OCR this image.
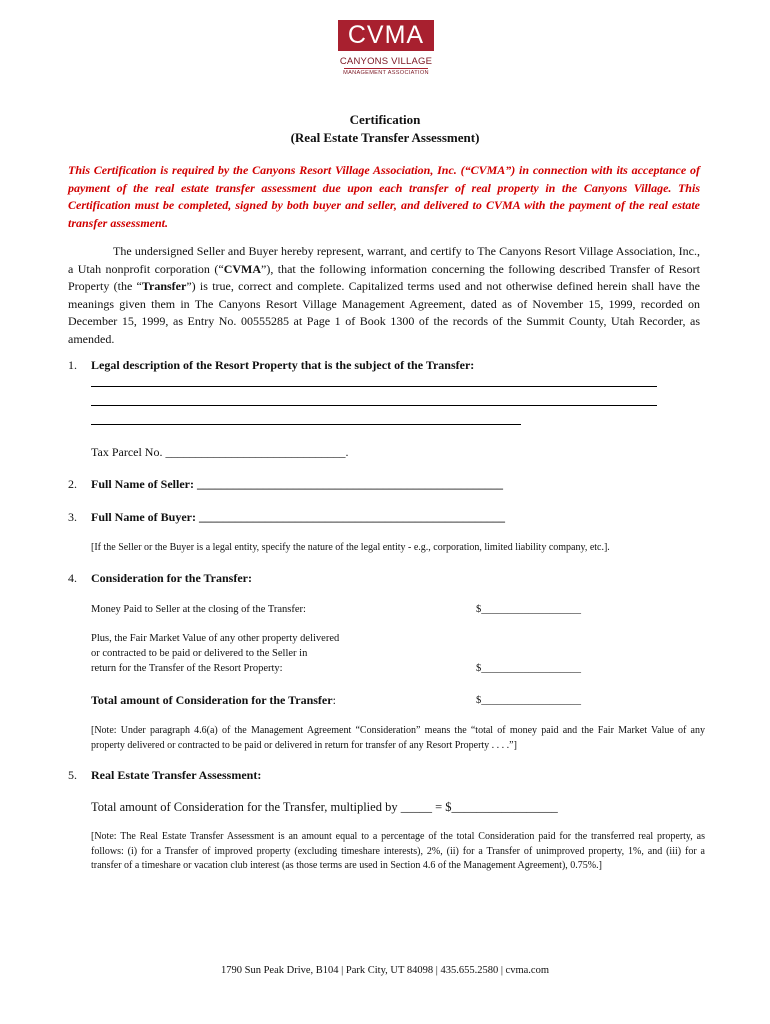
CVMA
CANYONS VILLAGE
MANAGEMENT ASSOCIATION
Certification
(Real Estate Transfer Assessment)
This Certification is required by the Canyons Resort Village Association, Inc. (“CVMA”) in connection with its acceptance of payment of the real estate transfer assessment due upon each transfer of real property in the Canyons Village. This Certification must be completed, signed by both buyer and seller, and delivered to CVMA with the payment of the real estate transfer assessment.
The undersigned Seller and Buyer hereby represent, warrant, and certify to The Canyons Resort Village Association, Inc., a Utah nonprofit corporation (“CVMA”), that the following information concerning the following described Transfer of Resort Property (the “Transfer”) is true, correct and complete. Capitalized terms used and not otherwise defined herein shall have the meanings given them in The Canyons Resort Village Management Agreement, dated as of November 15, 1999, recorded on December 15, 1999, as Entry No. 00555285 at Page 1 of Book 1300 of the records of the Summit County, Utah Recorder, as amended.
1. Legal description of the Resort Property that is the subject of the Transfer:
Tax Parcel No. ______________________________.
2. Full Name of Seller: ___________________________________________________
3. Full Name of Buyer: ___________________________________________________
[If the Seller or the Buyer is a legal entity, specify the nature of the legal entity - e.g., corporation, limited liability company, etc.].
4. Consideration for the Transfer:
Money Paid to Seller at the closing of the Transfer:	$___________________
Plus, the Fair Market Value of any other property delivered
or contracted to be paid or delivered to the Seller in
return for the Transfer of the Resort Property:	$___________________
Total amount of Consideration for the Transfer:	$___________________
[Note: Under paragraph 4.6(a) of the Management Agreement “Consideration” means the “total of money paid and the Fair Market Value of any property delivered or contracted to be paid or delivered in return for transfer of any Resort Property . . . .”]
5. Real Estate Transfer Assessment:
Total amount of Consideration for the Transfer, multiplied by _____ = $_________________
[Note: The Real Estate Transfer Assessment is an amount equal to a percentage of the total Consideration paid for the transferred real property, as follows: (i) for a Transfer of improved property (excluding timeshare interests), 2%, (ii) for a Transfer of unimproved property, 1%, and (iii) for a transfer of a timeshare or vacation club interest (as those terms are used in Section 4.6 of the Management Agreement), 0.75%.]
1790 Sun Peak Drive, B104 | Park City, UT 84098 | 435.655.2580 | cvma.com
